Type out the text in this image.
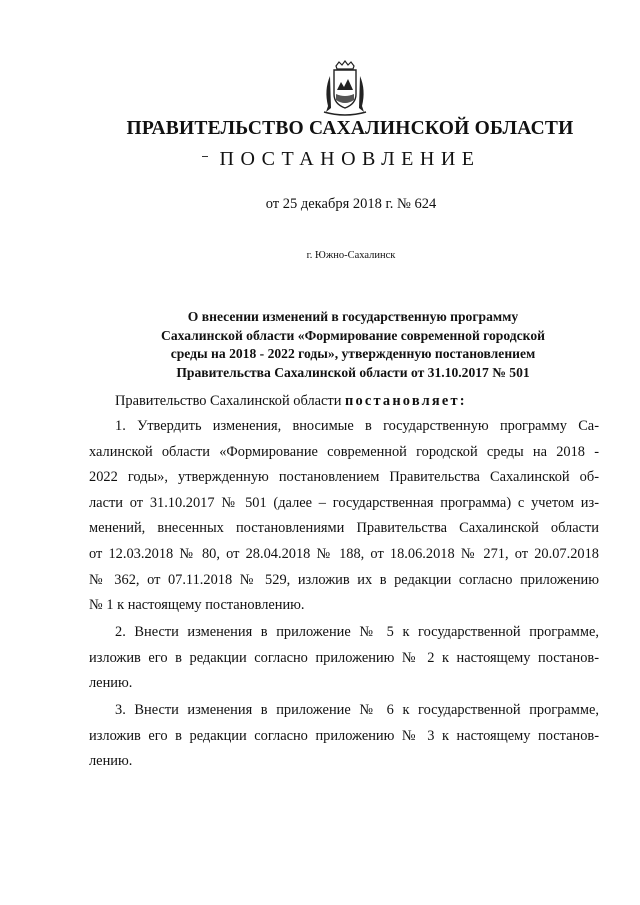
ПРАВИТЕЛЬСТВО САХАЛИНСКОЙ ОБЛАСТИ
ПОСТАНОВЛЕНИЕ
от 25 декабря 2018 г. № 624
г. Южно-Сахалинск
О внесении изменений в государственную программу
Сахалинской области «Формирование современной городской
среды на 2018 - 2022 годы», утвержденную постановлением
Правительства Сахалинской области от 31.10.2017 № 501
Правительство Сахалинской области постановляет:
1. Утвердить изменения, вносимые в государственную программу Са-
халинской области «Формирование современной городской среды на 2018 -
2022 годы», утвержденную постановлением Правительства Сахалинской об-
ласти от 31.10.2017 № 501 (далее – государственная программа) с учетом из-
менений, внесенных постановлениями Правительства Сахалинской области
от 12.03.2018 № 80, от 28.04.2018 № 188, от 18.06.2018 № 271, от 20.07.2018
№ 362, от 07.11.2018 № 529, изложив их в редакции согласно приложению
№ 1 к настоящему постановлению.
2. Внести изменения в приложение № 5 к государственной программе,
изложив его в редакции согласно приложению № 2 к настоящему постанов-
лению.
3. Внести изменения в приложение № 6 к государственной программе,
изложив его в редакции согласно приложению № 3 к настоящему постанов-
лению.
